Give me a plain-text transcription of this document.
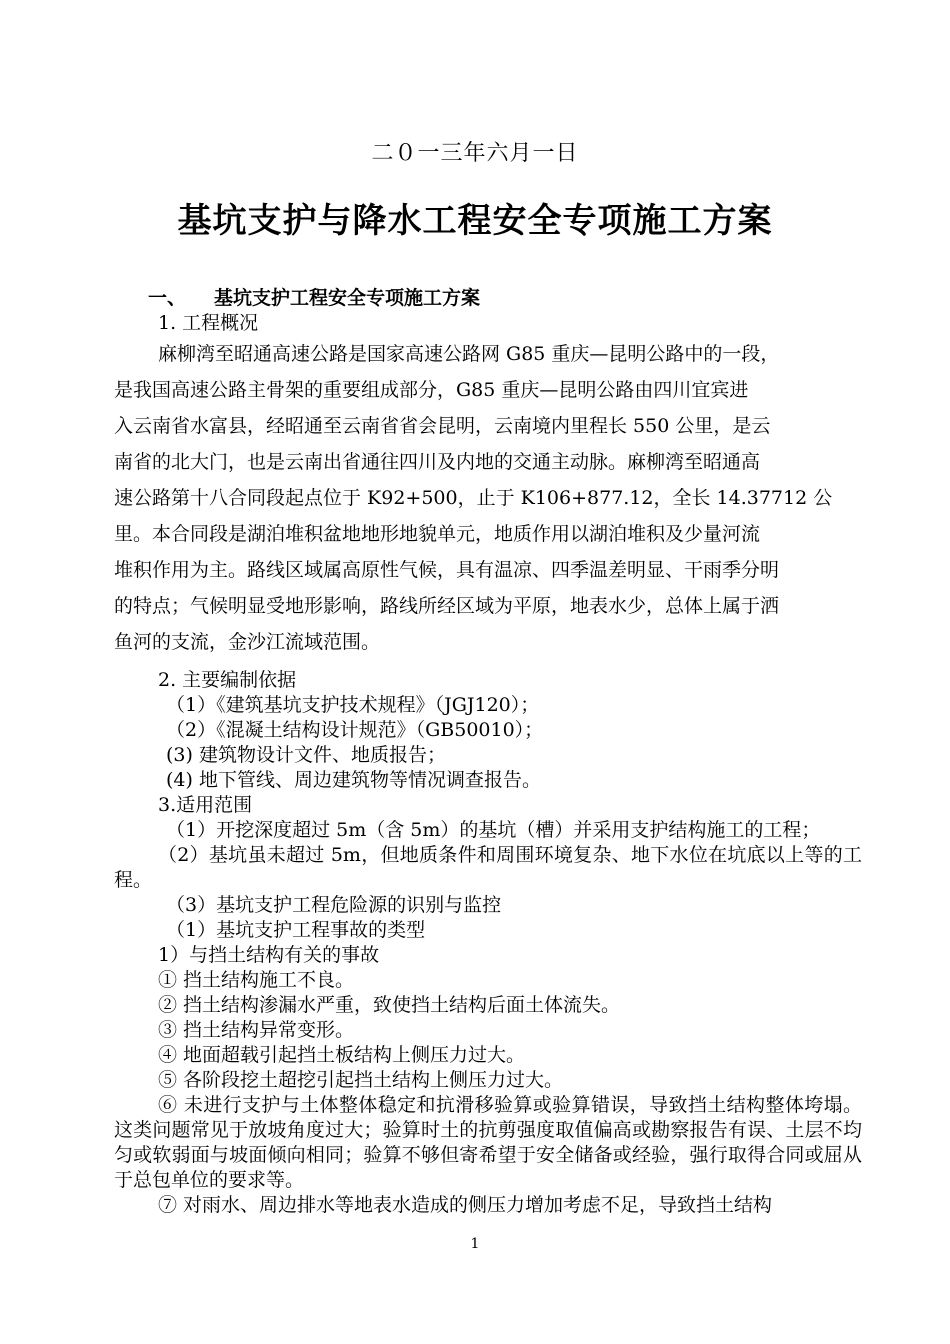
二０一三年六月一日
基坑支护与降水工程安全专项施工方案
一、 基坑支护工程安全专项施工方案
1. 工程概况
麻柳湾至昭通高速公路是国家高速公路网 G85 重庆—昆明公路中的一段，
是我国高速公路主骨架的重要组成部分，G85 重庆—昆明公路由四川宜宾进
入云南省水富县，经昭通至云南省省会昆明，云南境内里程长 550 公里，是云
南省的北大门，也是云南出省通往四川及内地的交通主动脉。麻柳湾至昭通高
速公路第十八合同段起点位于 K92+500，止于 K106+877.12，全长 14.37712 公
里。本合同段是湖泊堆积盆地地形地貌单元，地质作用以湖泊堆积及少量河流
堆积作用为主。路线区域属高原性气候，具有温凉、四季温差明显、干雨季分明
的特点；气候明显受地形影响，路线所经区域为平原，地表水少，总体上属于洒
鱼河的支流，金沙江流域范围。
2. 主要编制依据
（1）《建筑基坑支护技术规程》（JGJ120）；
（2）《混凝土结构设计规范》（GB50010）；
(3) 建筑物设计文件、地质报告；
(4) 地下管线、周边建筑物等情况调查报告。
3.适用范围
（1）开挖深度超过 5m（含 5m）的基坑（槽）并采用支护结构施工的工程；
（2）基坑虽未超过 5m，但地质条件和周围环境复杂、地下水位在坑底以上等的工程。
（3）基坑支护工程危险源的识别与监控
（1）基坑支护工程事故的类型
1）与挡土结构有关的事故
① 挡土结构施工不良。
② 挡土结构渗漏水严重，致使挡土结构后面土体流失。
③ 挡土结构异常变形。
④ 地面超载引起挡土板结构上侧压力过大。
⑤ 各阶段挖土超挖引起挡土结构上侧压力过大。
⑥ 未进行支护与土体整体稳定和抗滑移验算或验算错误，导致挡土结构整体垮塌。这类问题常见于放坡角度过大；验算时土的抗剪强度取值偏高或勘察报告有误、土层不均匀或软弱面与坡面倾向相同；验算不够但寄希望于安全储备或经验，强行取得合同或屈从于总包单位的要求等。
⑦ 对雨水、周边排水等地表水造成的侧压力增加考虑不足，导致挡土结构
1
